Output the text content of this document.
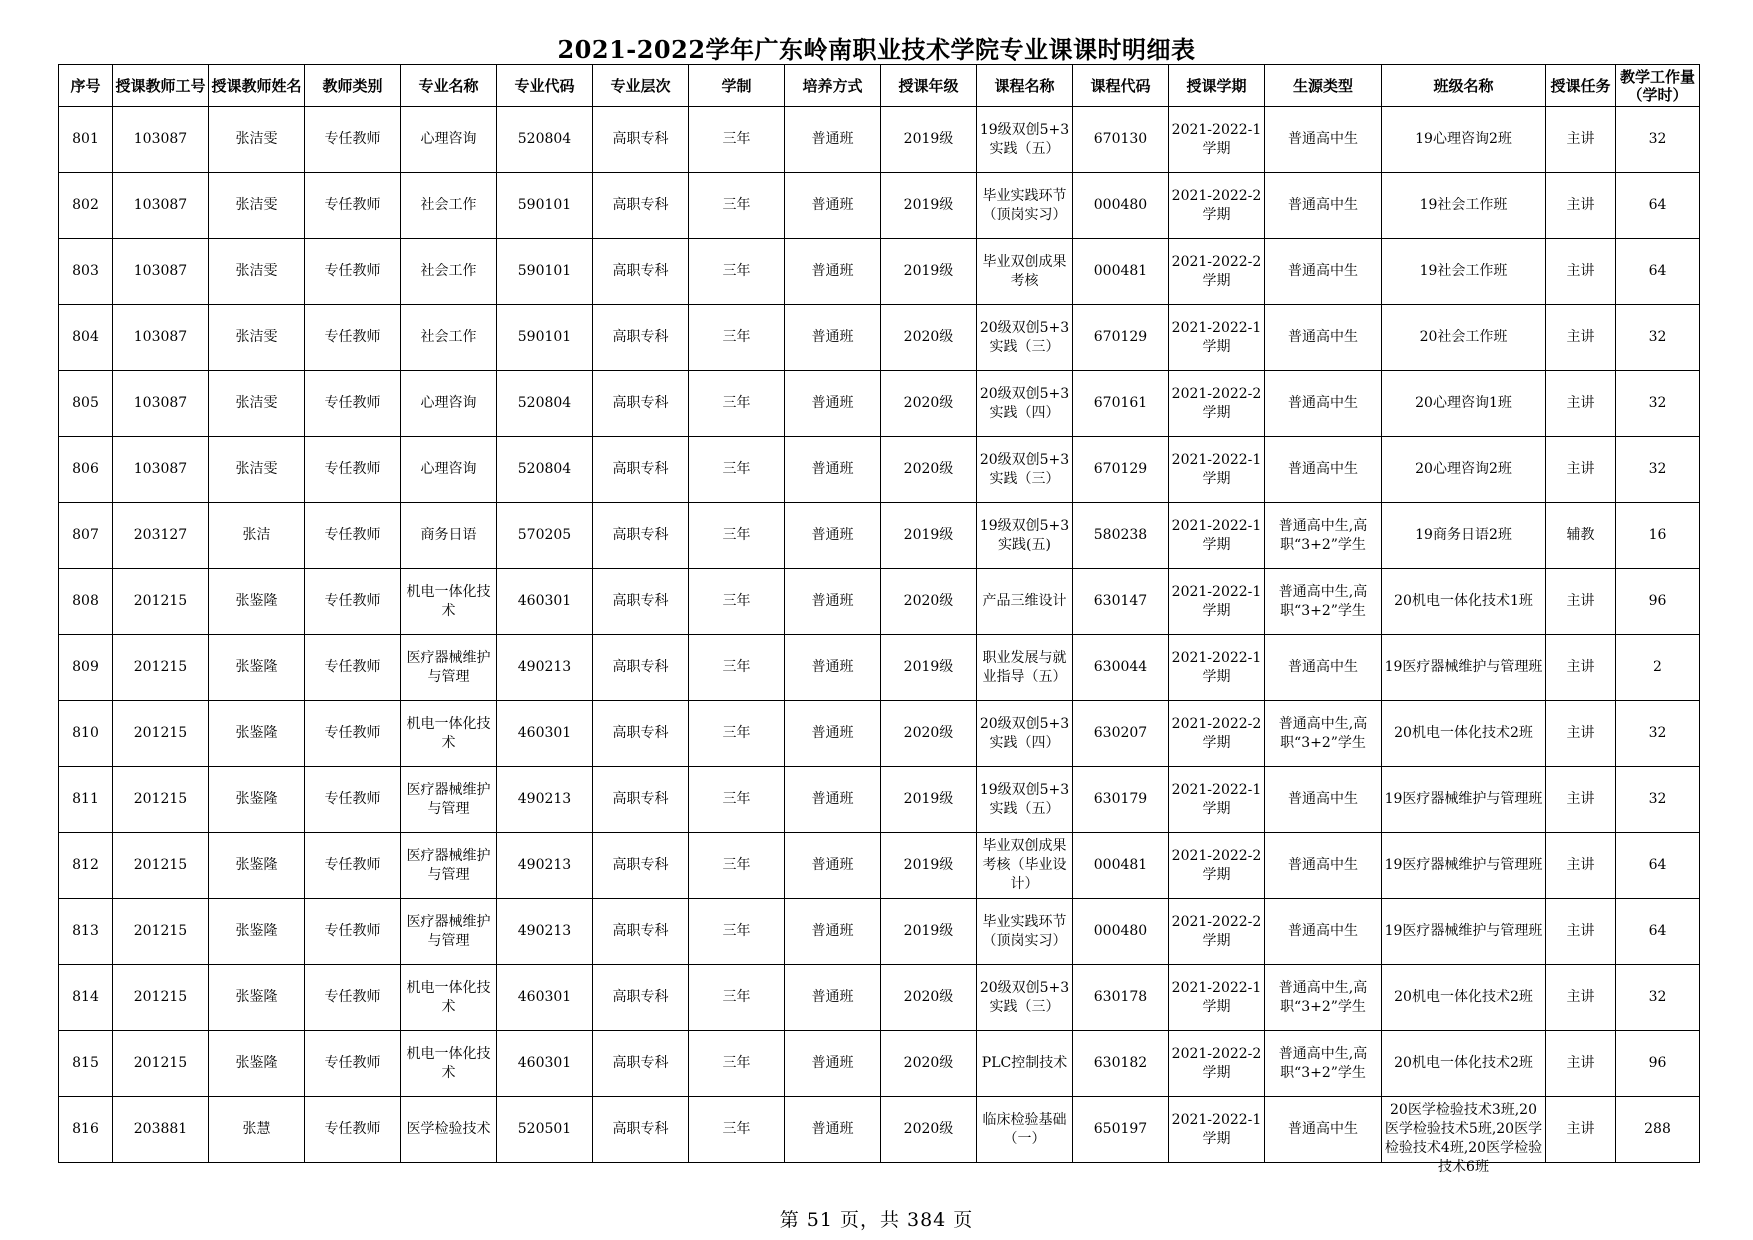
2021-2022学年广东岭南职业技术学院专业课课时明细表
序号	授课教师工号	授课教师姓名	教师类别	专业名称	专业代码	专业层次	学制	培养方式	授课年级	课程名称	课程代码	授课学期	生源类型	班级名称	授课任务	教学工作量（学时）

801	103087	张洁雯	专任教师	心理咨询	520804	高职专科	三年	普通班	2019级	19级双创5+3实践（五）	670130	2021-2022-1学期	普通高中生	19心理咨询2班	主讲	32

802	103087	张洁雯	专任教师	社会工作	590101	高职专科	三年	普通班	2019级	毕业实践环节（顶岗实习）	000480	2021-2022-2学期	普通高中生	19社会工作班	主讲	64

803	103087	张洁雯	专任教师	社会工作	590101	高职专科	三年	普通班	2019级	毕业双创成果考核	000481	2021-2022-2学期	普通高中生	19社会工作班	主讲	64

804	103087	张洁雯	专任教师	社会工作	590101	高职专科	三年	普通班	2020级	20级双创5+3实践（三）	670129	2021-2022-1学期	普通高中生	20社会工作班	主讲	32

805	103087	张洁雯	专任教师	心理咨询	520804	高职专科	三年	普通班	2020级	20级双创5+3实践（四）	670161	2021-2022-2学期	普通高中生	20心理咨询1班	主讲	32

806	103087	张洁雯	专任教师	心理咨询	520804	高职专科	三年	普通班	2020级	20级双创5+3实践（三）	670129	2021-2022-1学期	普通高中生	20心理咨询2班	主讲	32

807	203127	张洁	专任教师	商务日语	570205	高职专科	三年	普通班	2019级	19级双创5+3实践(五)	580238	2021-2022-1学期	普通高中生,高职“3+2”学生	19商务日语2班	辅教	16

808	201215	张鉴隆	专任教师	机电一体化技术	460301	高职专科	三年	普通班	2020级	产品三维设计	630147	2021-2022-1学期	普通高中生,高职“3+2”学生	20机电一体化技术1班	主讲	96

809	201215	张鉴隆	专任教师	医疗器械维护与管理	490213	高职专科	三年	普通班	2019级	职业发展与就业指导（五）	630044	2021-2022-1学期	普通高中生	19医疗器械维护与管理班	主讲	2

810	201215	张鉴隆	专任教师	机电一体化技术	460301	高职专科	三年	普通班	2020级	20级双创5+3实践（四）	630207	2021-2022-2学期	普通高中生,高职“3+2”学生	20机电一体化技术2班	主讲	32

811	201215	张鉴隆	专任教师	医疗器械维护与管理	490213	高职专科	三年	普通班	2019级	19级双创5+3实践（五）	630179	2021-2022-1学期	普通高中生	19医疗器械维护与管理班	主讲	32

812	201215	张鉴隆	专任教师	医疗器械维护与管理	490213	高职专科	三年	普通班	2019级	毕业双创成果考核（毕业设计）	000481	2021-2022-2学期	普通高中生	19医疗器械维护与管理班	主讲	64

813	201215	张鉴隆	专任教师	医疗器械维护与管理	490213	高职专科	三年	普通班	2019级	毕业实践环节（顶岗实习）	000480	2021-2022-2学期	普通高中生	19医疗器械维护与管理班	主讲	64

814	201215	张鉴隆	专任教师	机电一体化技术	460301	高职专科	三年	普通班	2020级	20级双创5+3实践（三）	630178	2021-2022-1学期	普通高中生,高职“3+2”学生	20机电一体化技术2班	主讲	32

815	201215	张鉴隆	专任教师	机电一体化技术	460301	高职专科	三年	普通班	2020级	PLC控制技术	630182	2021-2022-2学期	普通高中生,高职“3+2”学生	20机电一体化技术2班	主讲	96

816	203881	张慧	专任教师	医学检验技术	520501	高职专科	三年	普通班	2020级	临床检验基础（一）	650197	2021-2022-1学期	普通高中生	20医学检验技术3班,20医学检验技术5班,20医学检验技术4班,20医学检验技术6班	主讲	288
第 51 页，共 384 页
